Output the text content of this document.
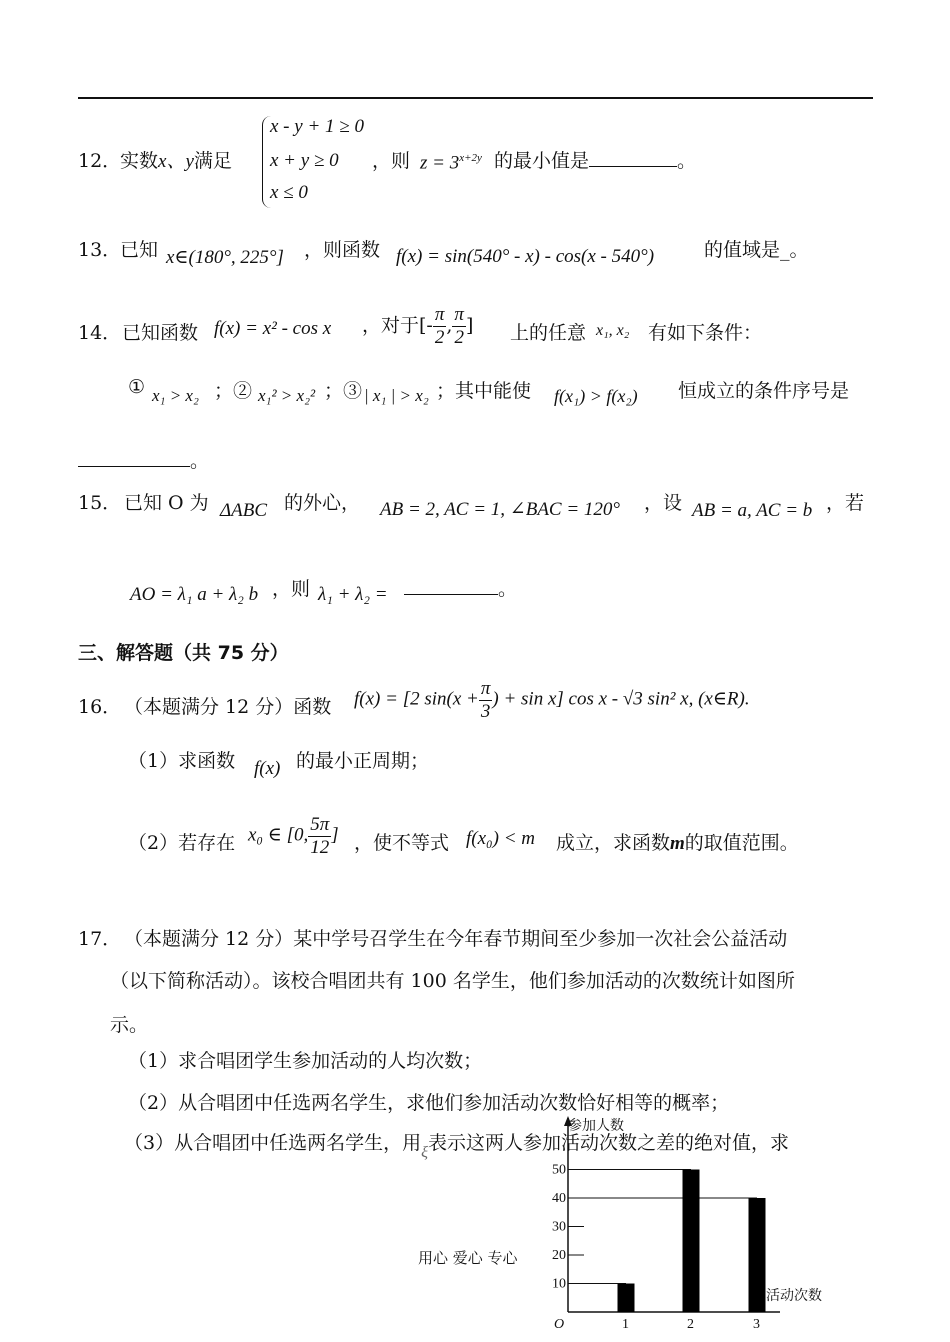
12．
实数x、y满足
x - y + 1 ≥ 0
x + y ≥ 0
x ≤ 0
，则 $z = 3^{x+2y}$ 的最小值是	。
13．
已知 x∈(180°, 225°] ，则函数 f(x) = sin(540° - x) - cos(x - 540°)	的值域是_。
14． 已知函数 f(x) = x² - cos x ，对于[- $\frac{\pi}{2}$ , $\frac{\pi}{2}$ ] 上的任意 x₁, x₂ 有如下条件：
① x₁ > x₂ ；② x₁² > x₂² ；③ | x₁ | > x₂ ；其中能使 f(x₁) > f(x₂) 恒成立的条件序号是
。
15． 已知 O 为 ΔABC 的外心， AB = 2, AC = 1, ∠BAC = 120° ，设 AB = a, AC = b ，若
AO = λ₁ a + λ₂ b ，则 λ₁ + λ₂ =	。
三、解答题（共 75 分）
16． （本题满分 12 分）函数 f(x) = [2 $\sin(x + \frac{\pi}{3}$ ) + sin x] cos x - √3 sin² x, (x∈R).
（1）求函数 f(x) 的最小正周期；
（2）若存在 x₀ ∈ [0, $\frac{5\pi}{12}$ ] ，使不等式 f(x₀) < m 成立，求函数m的取值范围。
17． （本题满分 12 分）某中学号召学生在今年春节期间至少参加一次社会公益活动
（以下简称活动）。该校合唱团共有 100 名学生，他们参加活动的次数统计如图所
示。
（1）求合唱团学生参加活动的人均次数；
（2）从合唱团中任选两名学生，求他们参加活动次数恰好相等的概率；
（3）从合唱团中任选两名学生，用$_\xi$表示这两人参加活动次数之差的绝对值，求
用心 爱心 专心
10
20
30
40
50
1	2	3
O
参加人数
活动次数
